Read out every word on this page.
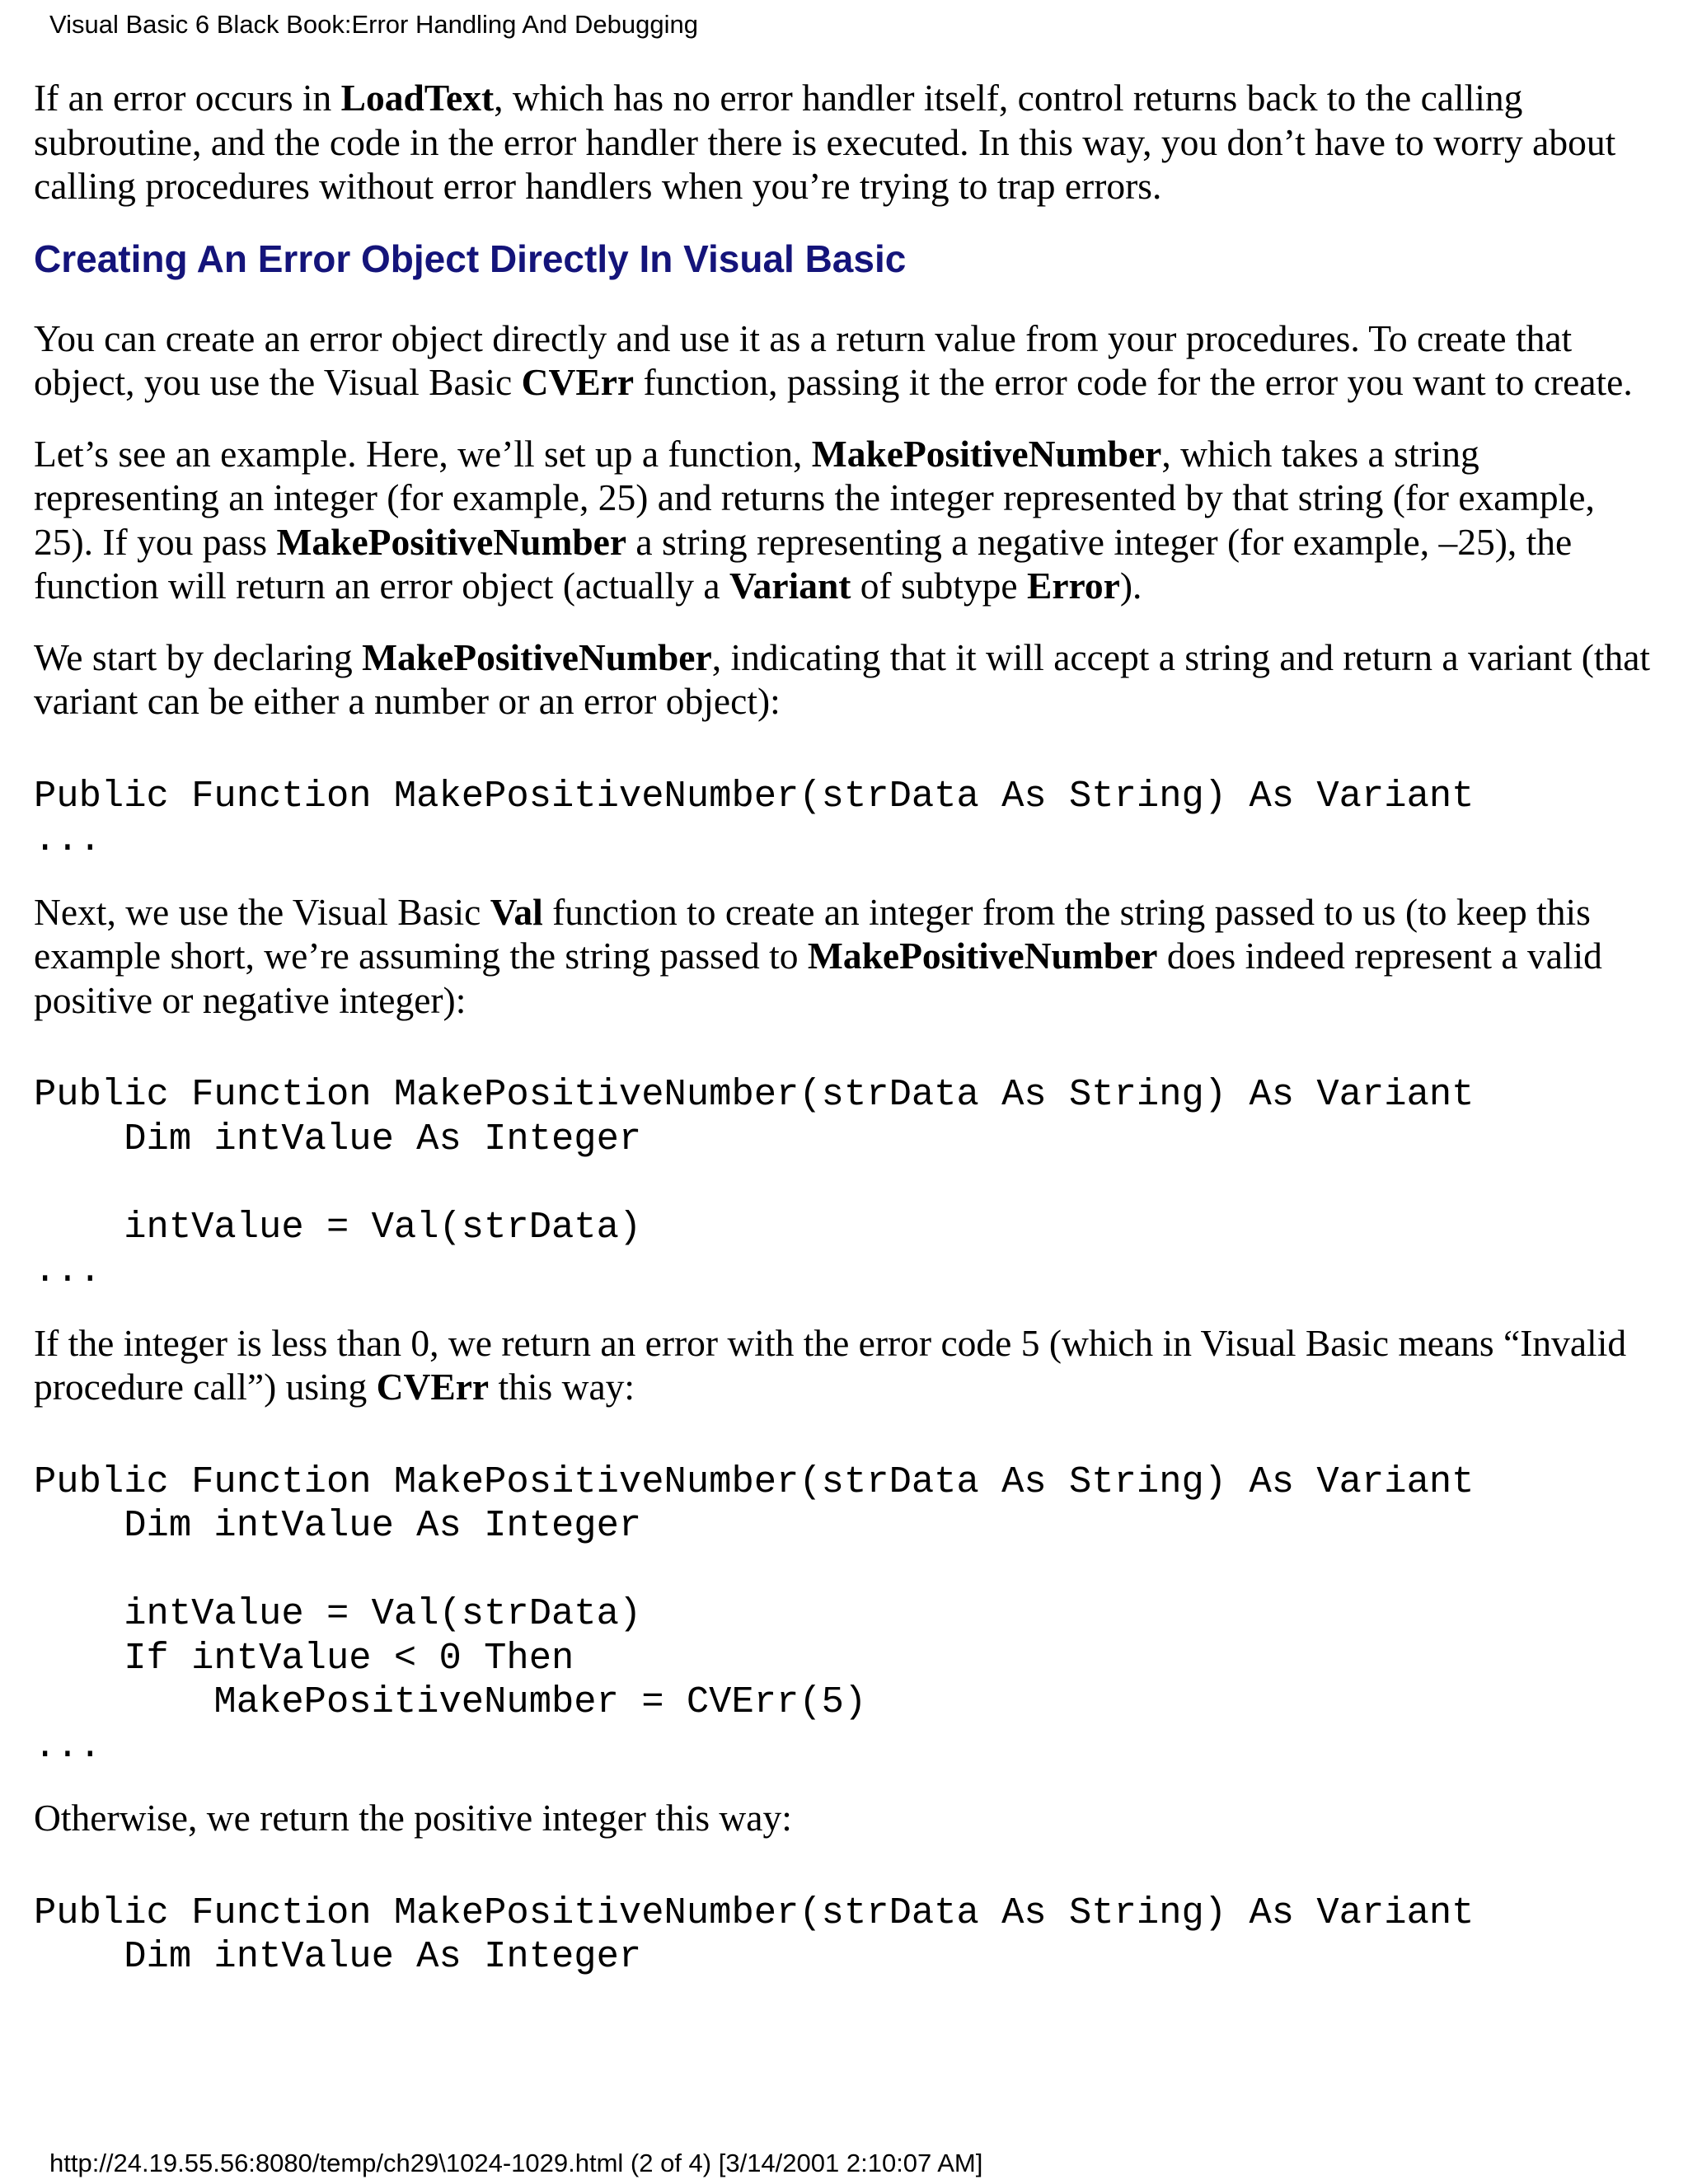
Visual Basic 6 Black Book:Error Handling And Debugging

If an error occurs in LoadText, which has no error handler itself, control returns back to the calling subroutine, and the code in the error handler there is executed. In this way, you don’t have to worry about calling procedures without error handlers when you’re trying to trap errors.

Creating An Error Object Directly In Visual Basic

You can create an error object directly and use it as a return value from your procedures. To create that object, you use the Visual Basic CVErr function, passing it the error code for the error you want to create.

Let’s see an example. Here, we’ll set up a function, MakePositiveNumber, which takes a string representing an integer (for example, 25) and returns the integer represented by that string (for example, 25). If you pass MakePositiveNumber a string representing a negative integer (for example, –25), the function will return an error object (actually a Variant of subtype Error).

We start by declaring MakePositiveNumber, indicating that it will accept a string and return a variant (that variant can be either a number or an error object):

Public Function MakePositiveNumber(strData As String) As Variant
...

Next, we use the Visual Basic Val function to create an integer from the string passed to us (to keep this example short, we’re assuming the string passed to MakePositiveNumber does indeed represent a valid positive or negative integer):

Public Function MakePositiveNumber(strData As String) As Variant
Dim intValue As Integer
intValue = Val(strData)
...

If the integer is less than 0, we return an error with the error code 5 (which in Visual Basic means “Invalid procedure call”) using CVErr this way:

Public Function MakePositiveNumber(strData As String) As Variant
Dim intValue As Integer
intValue = Val(strData)
If intValue < 0 Then
MakePositiveNumber = CVErr(5)
...

Otherwise, we return the positive integer this way:

Public Function MakePositiveNumber(strData As String) As Variant
Dim intValue As Integer
http://24.19.55.56:8080/temp/ch29\1024-1029.html (2 of 4) [3/14/2001 2:10:07 AM]
